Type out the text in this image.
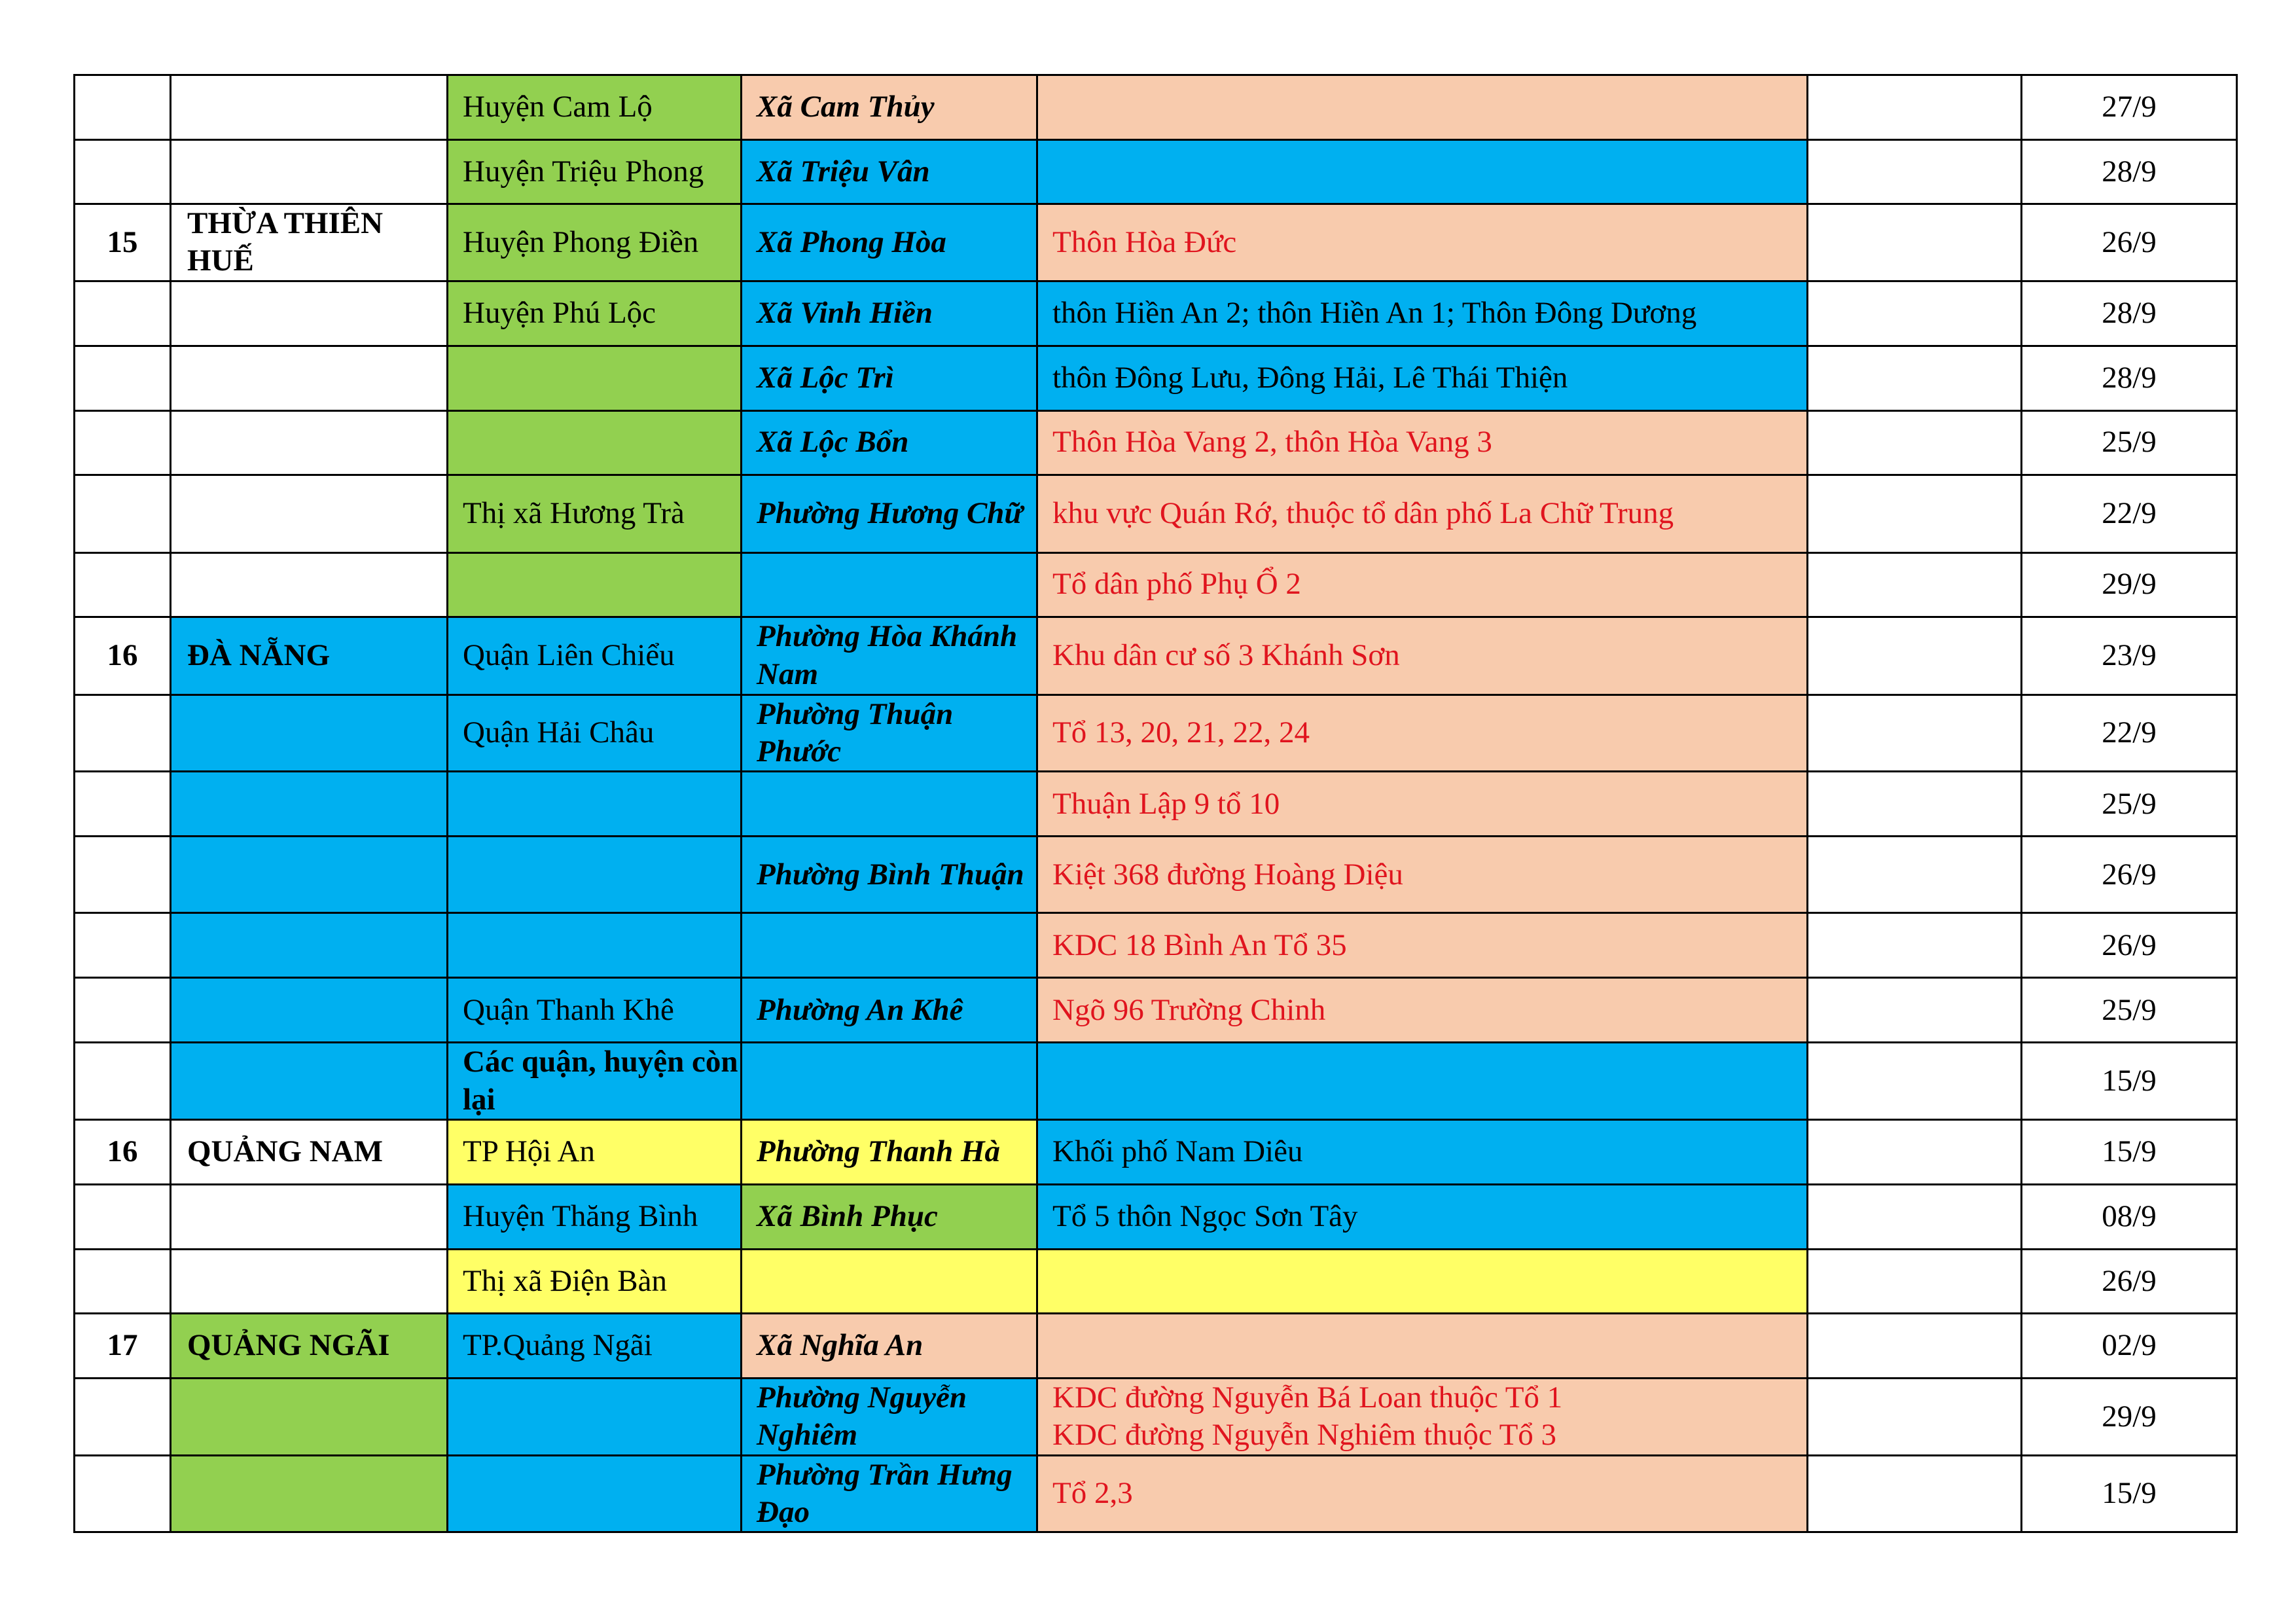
		Huyện Cam Lộ	Xã Cam Thủy			27/9
		Huyện Triệu Phong	Xã Triệu Vân			28/9
15	THỪA THIÊN HUẾ	Huyện Phong Điền	Xã Phong Hòa	Thôn Hòa Đức		26/9
		Huyện Phú Lộc	Xã Vinh Hiền	thôn Hiền An 2; thôn Hiền An 1; Thôn Đông Dương		28/9
			Xã Lộc Trì	thôn Đông Lưu, Đông Hải, Lê Thái Thiện		28/9
			Xã Lộc Bổn	Thôn Hòa Vang 2, thôn Hòa Vang 3		25/9
		Thị xã Hương Trà	Phường Hương Chữ	khu vực Quán Rớ, thuộc tổ dân phố La Chữ Trung		22/9

				Tổ dân phố Phụ Ổ 2		29/9
16	ĐÀ NẴNG	Quận Liên Chiểu	Phường Hòa Khánh Nam	Khu dân cư số 3 Khánh Sơn		23/9
		Quận Hải Châu	Phường Thuận Phước	Tổ 13, 20, 21, 22, 24		22/9

				Thuận Lập 9 tổ 10		25/9
			Phường Bình Thuận	Kiệt 368 đường Hoàng Diệu		26/9

				KDC 18 Bình An Tổ 35		26/9
		Quận Thanh Khê	Phường An Khê	Ngõ 96 Trường Chinh		25/9
		Các quận, huyện còn lại				15/9
16	QUẢNG NAM	TP Hội An	Phường Thanh Hà	Khối phố Nam Diêu		15/9
		Huyện Thăng Bình	Xã Bình Phục	Tổ 5 thôn Ngọc Sơn Tây		08/9
		Thị xã Điện Bàn				26/9
17	QUẢNG NGÃI	TP.Quảng Ngãi	Xã Nghĩa An			02/9
			Phường Nguyễn Nghiêm	KDC đường Nguyễn Bá Loan thuộc Tổ 1
KDC đường Nguyễn Nghiêm thuộc Tổ 3		29/9
			Phường Trần Hưng Đạo	Tổ 2,3		15/9
